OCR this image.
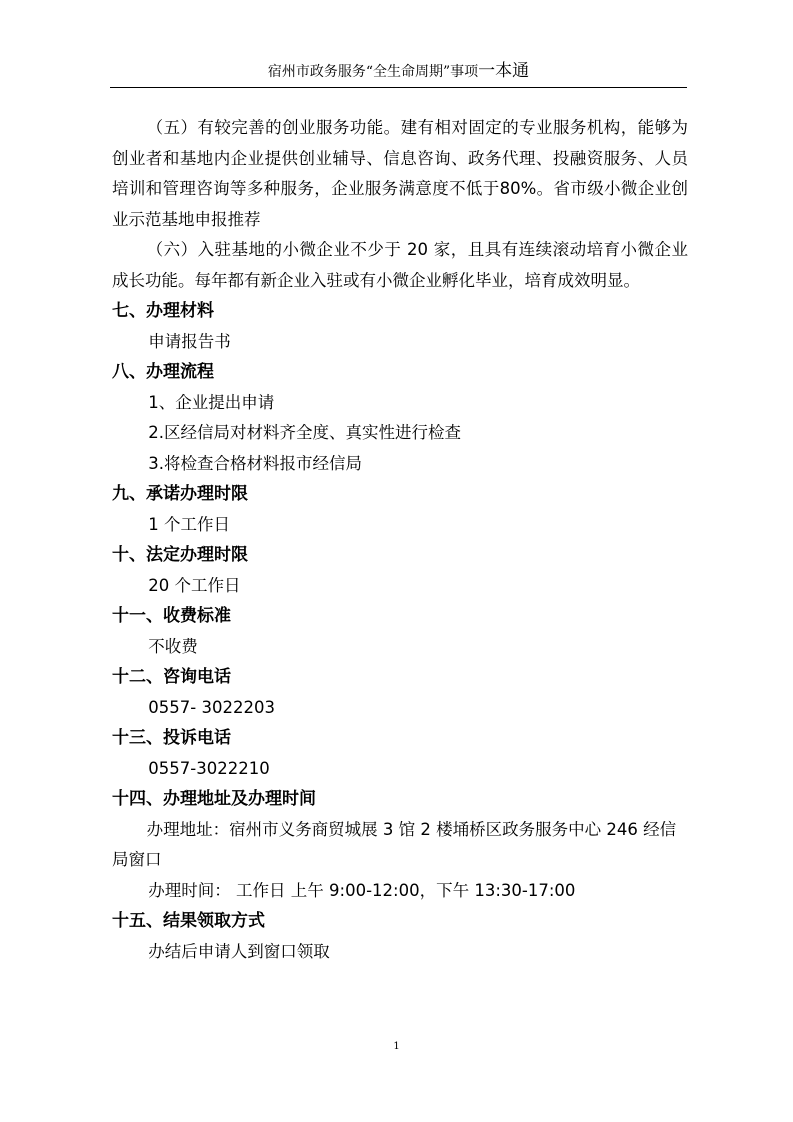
宿州市政务服务“全生命周期”事项一本通

（五）有较完善的创业服务功能。建有相对固定的专业服务机构，能够为创业者和基地内企业提供创业辅导、信息咨询、政务代理、投融资服务、人员培训和管理咨询等多种服务，企业服务满意度不低于80%。省市级小微企业创业示范基地申报推荐

（六）入驻基地的小微企业不少于 20 家，且具有连续滚动培育小微企业成长功能。每年都有新企业入驻或有小微企业孵化毕业，培育成效明显。

七、办理材料

申请报告书

八、办理流程

1、企业提出申请

2.区经信局对材料齐全度、真实性进行检查

3.将检查合格材料报市经信局

九、承诺办理时限

1 个工作日

十、法定办理时限

20 个工作日

十一、收费标准

不收费

十二、咨询电话

0557- 3022203

十三、投诉电话

0557-3022210

十四、办理地址及办理时间

办理地址：宿州市义务商贸城展 3 馆 2 楼埇桥区政务服务中心 246 经信局窗口

办理时间： 工作日 上午 9:00-12:00，下午 13:30-17:00

十五、结果领取方式

办结后申请人到窗口领取

1
